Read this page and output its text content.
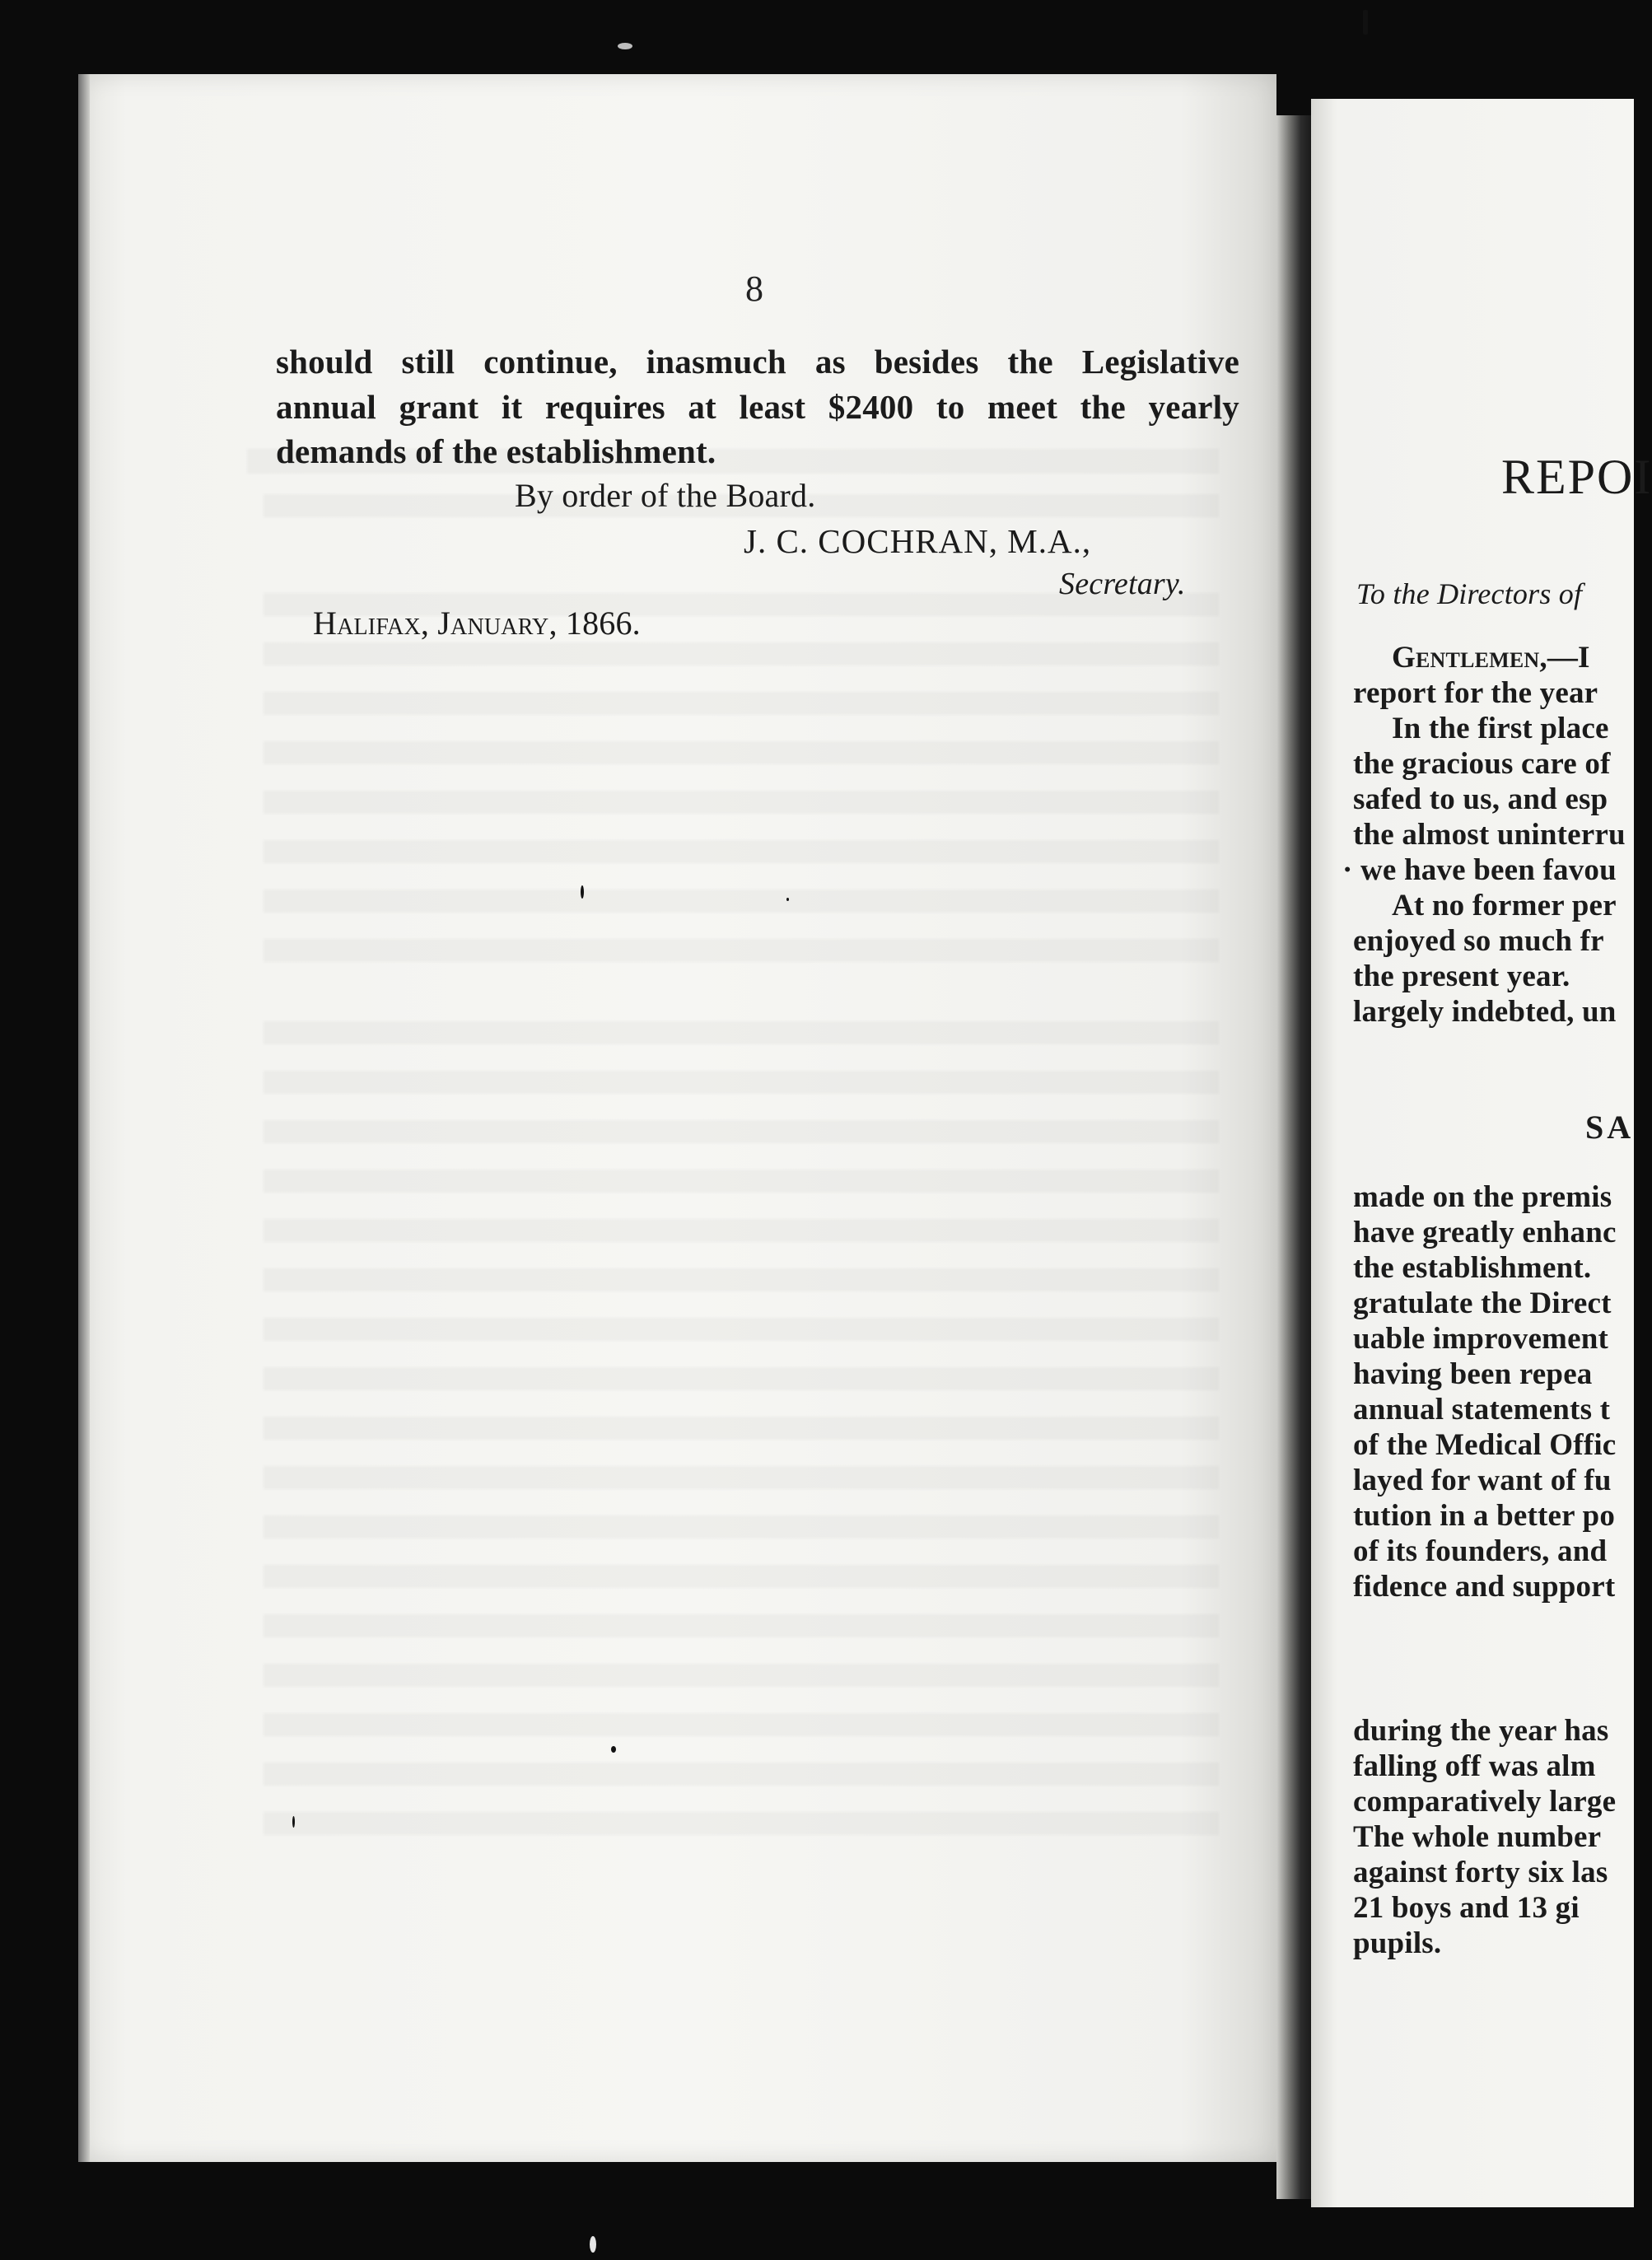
8
should still continue, inasmuch as besides the Legislative
annual grant it requires at least $2400 to meet the yearly
demands of the establishment.
By order of the Board.
J. C. COCHRAN, M.A.,
Secretary.
Halifax, January, 1866.
REPOI
To the Directors of
Gentlemen,—I
report for the year
In the first place
the gracious care of
safed to us, and esp
the almost uninterru
· we have been favou
At no former per
enjoyed so much fr
the present year.
largely indebted, un
SA
made on the premis
have greatly enhanc
the establishment.
gratulate the Direct
uable improvement
having been repea
annual statements t
of the Medical Offic
layed for want of fu
tution in a better po
of its founders, and
fidence and support
during the year has
falling off was alm
comparatively large
The whole number
against forty six las
21 boys and 13 gi
pupils.
